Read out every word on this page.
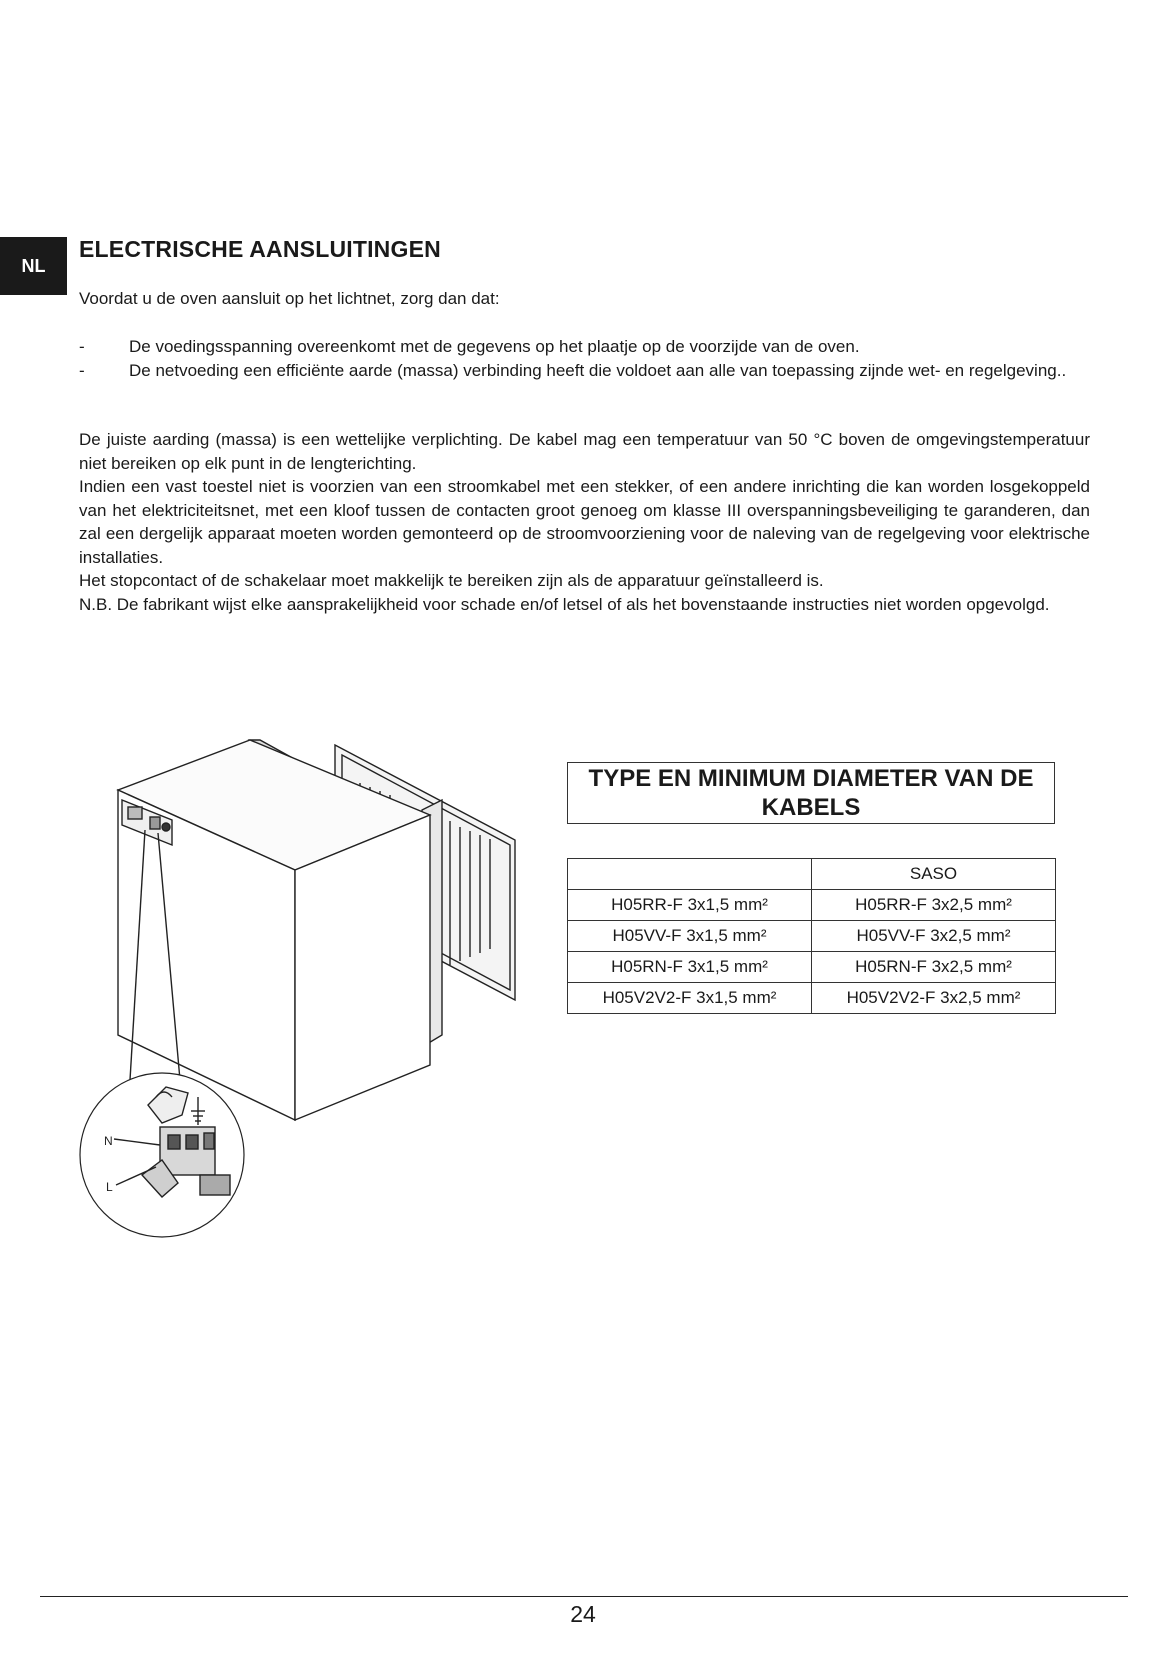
NL
ELECTRISCHE AANSLUITINGEN
Voordat u de oven aansluit op het lichtnet, zorg dan dat:
-	De voedingsspanning overeenkomt met de gegevens op het plaatje op de voorzijde van de oven.
-	De netvoeding een efficiënte aarde (massa) verbinding heeft die voldoet aan alle van toepassing zijnde wet- en regelgeving..

De juiste aarding (massa) is een wettelijke verplichting. De kabel mag een temperatuur van 50 °C boven de omgevingstemperatuur niet bereiken op elk punt in de lengterichting.

Indien een vast toestel niet is voorzien van een stroomkabel met een stekker, of een andere inrichting die kan worden losgekoppeld van het elektriciteitsnet, met een kloof tussen de contacten groot genoeg om klasse III overspanningsbeveiliging te garanderen, dan zal een dergelijk apparaat moeten worden gemonteerd op de stroomvoorziening voor de naleving van de regelgeving voor elektrische installaties.

Het stopcontact of de schakelaar moet makkelijk te bereiken zijn als de apparatuur geïnstalleerd is.

N.B. De fabrikant wijst elke aansprakelijkheid voor schade en/of letsel of als het bovenstaande instructies niet worden opgevolgd.

N
L
TYPE EN MINIMUM DIAMETER VAN DE KABELS
	SASO
H05RR-F 3x1,5 mm²	H05RR-F 3x2,5 mm²
H05VV-F 3x1,5 mm²	H05VV-F 3x2,5 mm²
H05RN-F 3x1,5 mm²	H05RN-F 3x2,5 mm²
H05V2V2-F 3x1,5 mm²	H05V2V2-F 3x2,5 mm²
24
